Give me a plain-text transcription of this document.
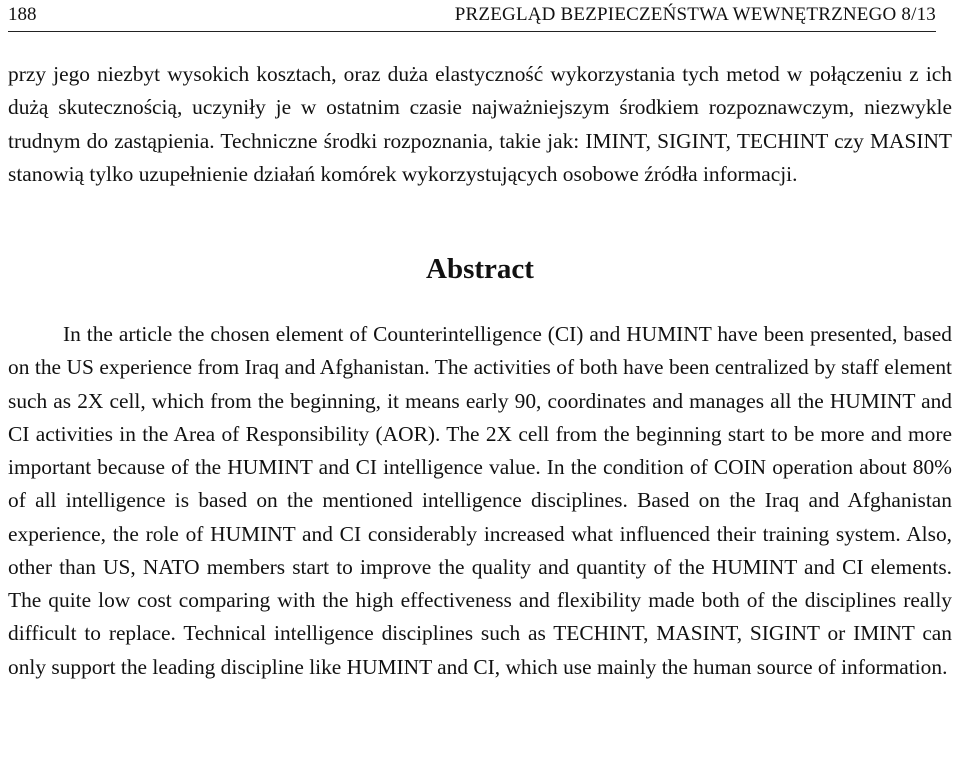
188	PRZEGLĄD BEZPIECZEŃSTWA WEWNĘTRZNEGO 8/13

przy jego niezbyt wysokich kosztach, oraz duża elastyczność wykorzystania tych metod w połączeniu z ich dużą skutecznością, uczyniły je w ostatnim czasie najważniejszym środkiem rozpoznawczym, niezwykle trudnym do zastąpienia. Techniczne środki rozpoznania, takie jak: IMINT, SIGINT, TECHINT czy MASINT stanowią tylko uzupełnienie działań komórek wykorzystujących osobowe źródła informacji.

Abstract

In the article the chosen element of Counterintelligence (CI) and HUMINT have been presented, based on the US experience from Iraq and Afghanistan. The activities of both have been centralized by staff element such as 2X cell, which from the beginning, it means early 90, coordinates and manages all the HUMINT and CI activities in the Area of Responsibility (AOR). The 2X cell from the beginning start to be more and more important because of the HUMINT and CI intelligence value. In the condition of COIN operation about 80% of all intelligence is based on the mentioned intelligence disciplines. Based on the Iraq and Afghanistan experience, the role of HUMINT and CI considerably increased what influenced their training system. Also, other than US, NATO members start to improve the quality and quantity of the HUMINT and CI elements. The quite low cost comparing with the high effectiveness and flexibility made both of the disciplines really difficult to replace. Technical intelligence disciplines such as TECHINT, MASINT, SIGINT or IMINT can only support the leading discipline like HUMINT and CI, which use mainly the human source of information.
